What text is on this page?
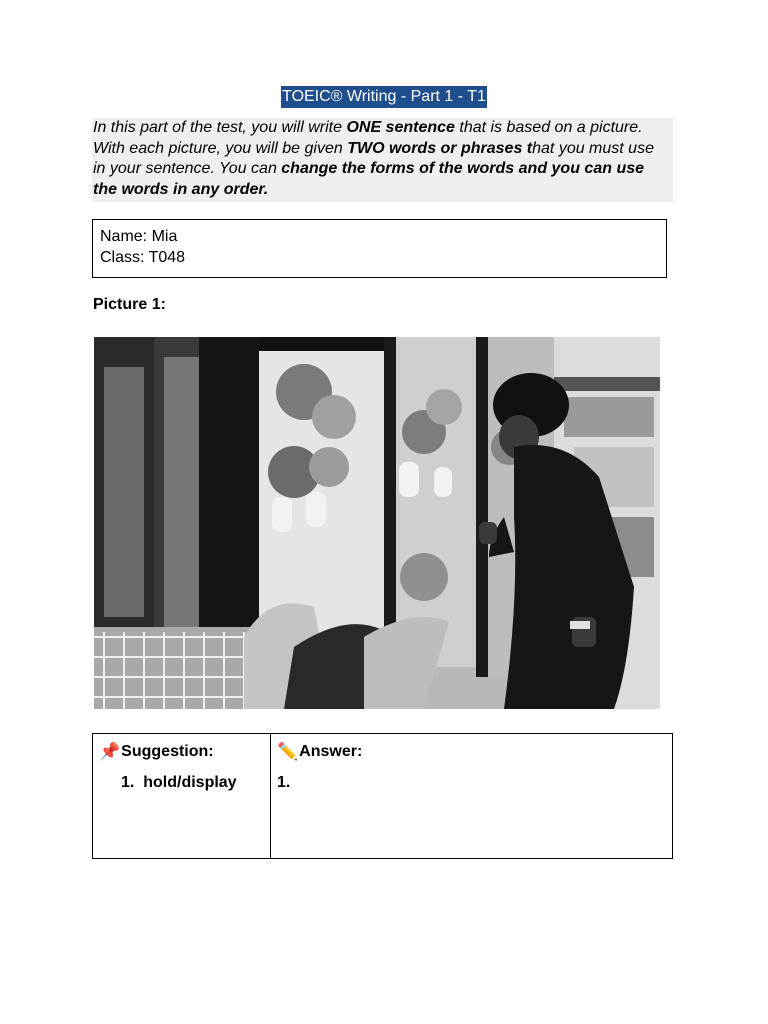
TOEIC® Writing - Part 1 - T1
In this part of the test, you will write ONE sentence that is based on a picture. With each picture, you will be given TWO words or phrases that you must use in your sentence. You can change the forms of the words and you can use the words in any order.
Name: Mia
Class: T048
Picture 1:
📌 Suggestion:
1. hold/display

✏️ Answer:
1.
